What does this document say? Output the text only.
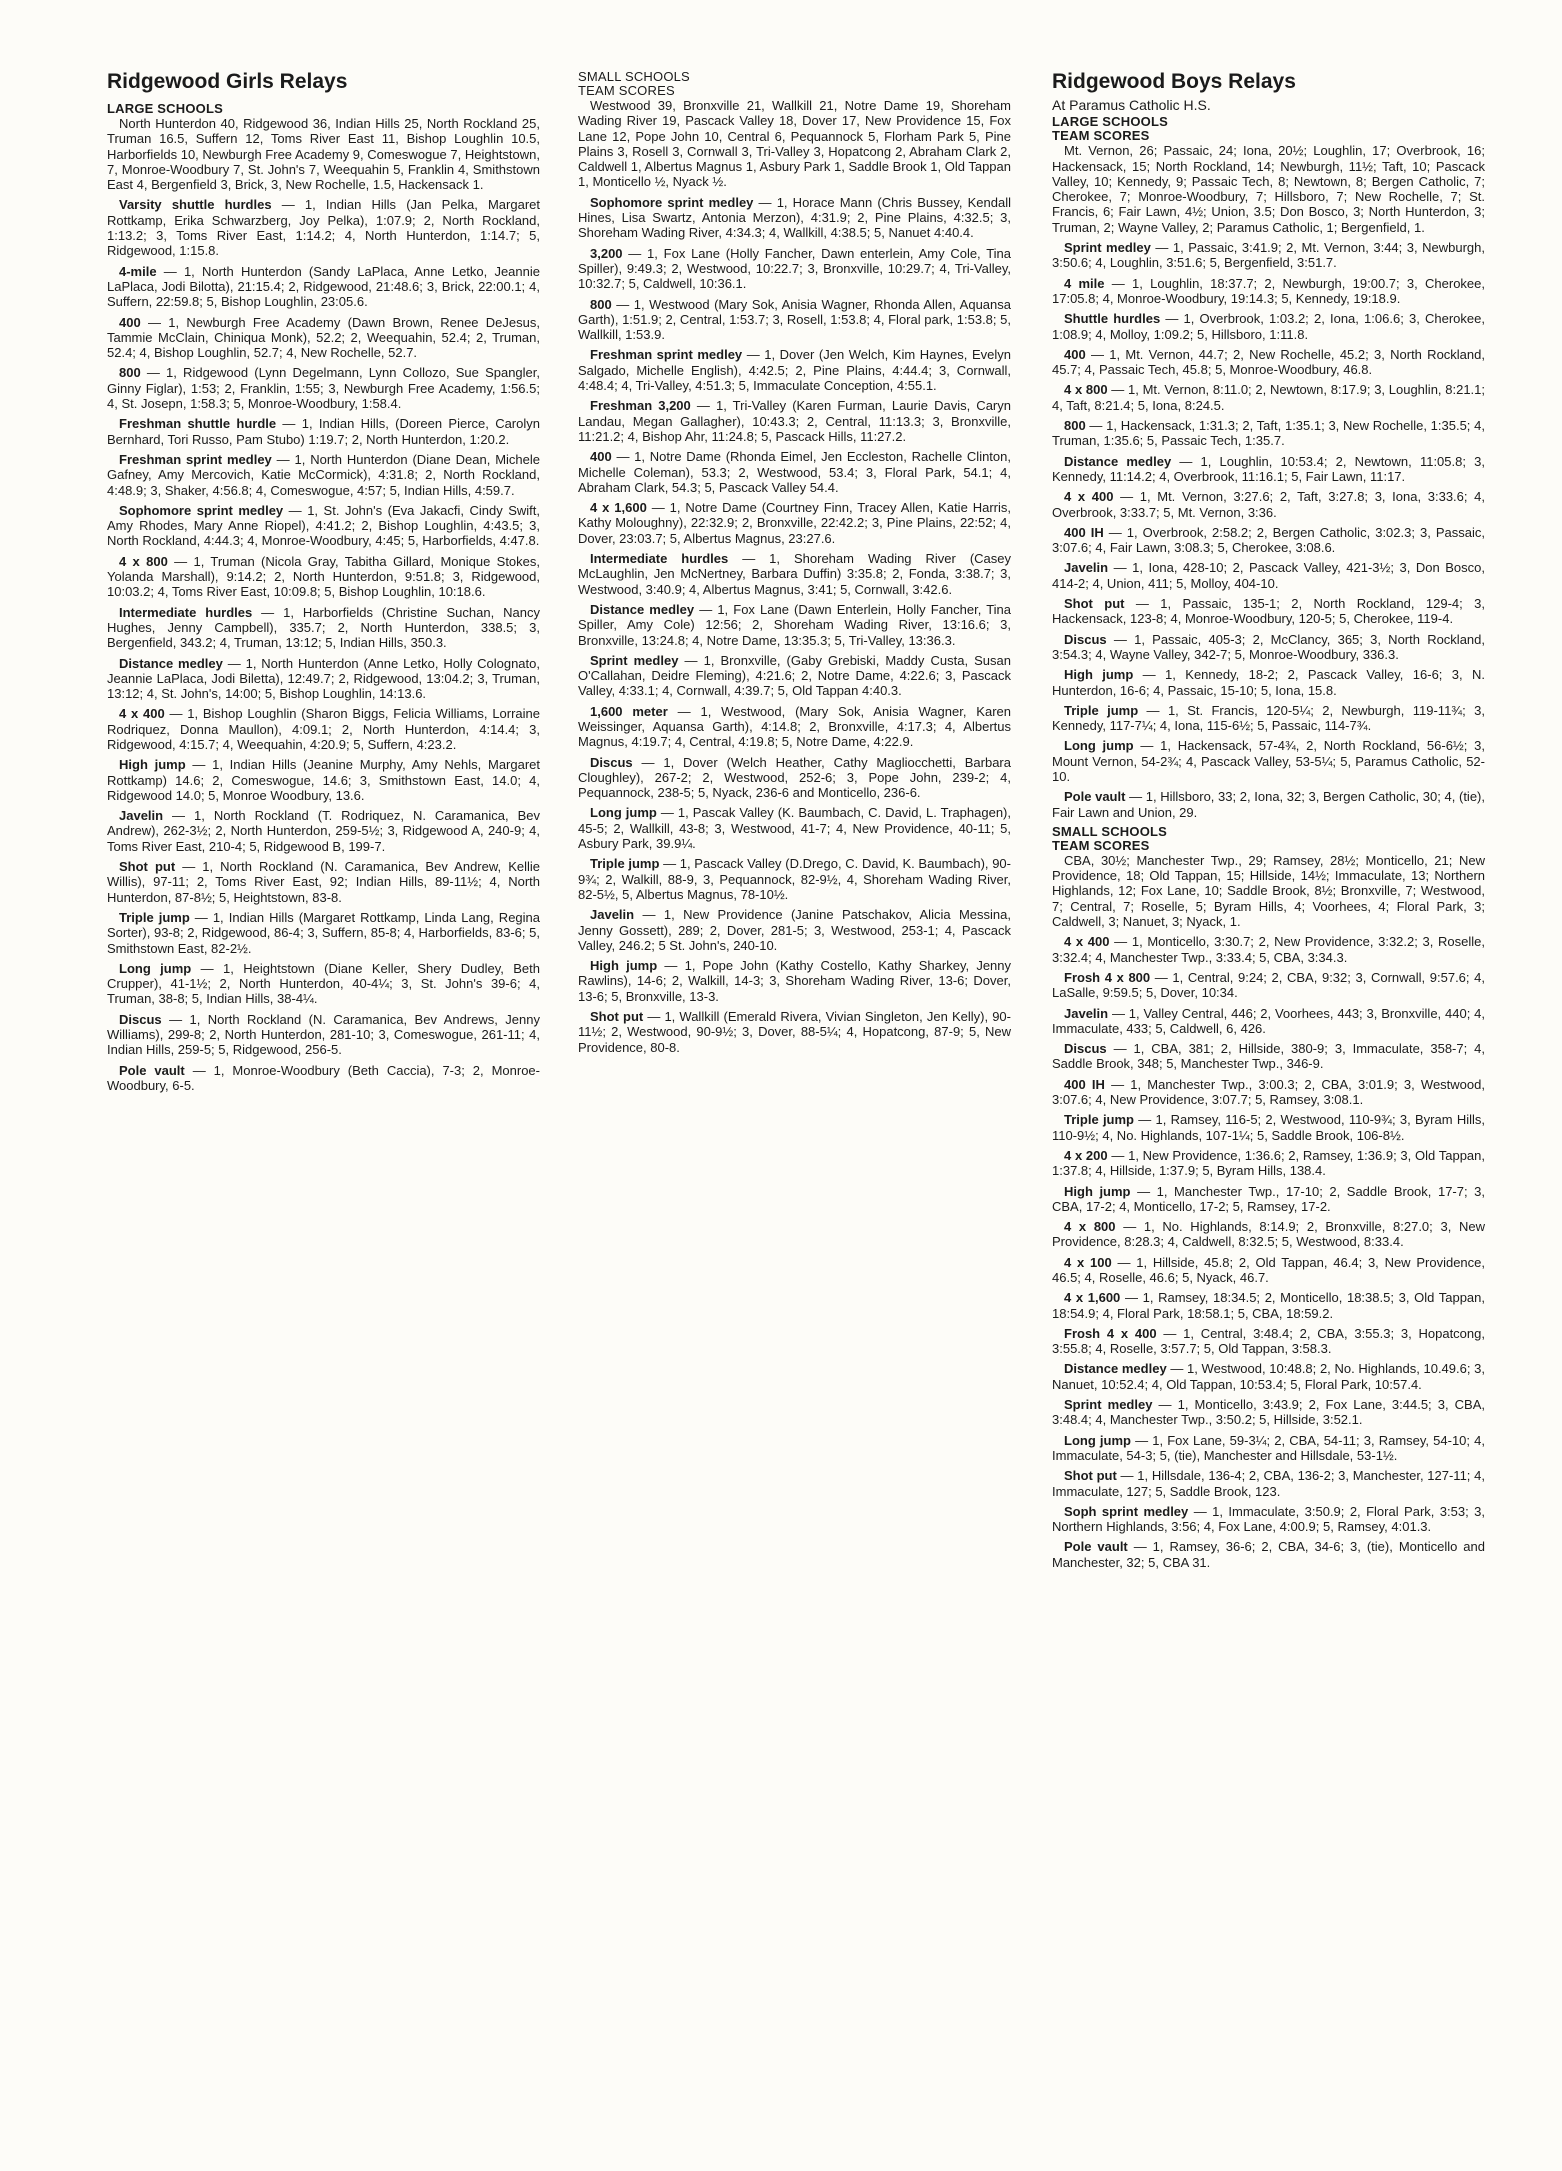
Ridgewood Girls Relays
LARGE SCHOOLS

North Hunterdon 40, Ridgewood 36, Indian Hills 25, North Rockland 25, Truman 16.5, Suffern 12, Toms River East 11, Bishop Loughlin 10.5, Harborfields 10, Newburgh Free Academy 9, Comeswogue 7, Heightstown, 7, Monroe-Woodbury 7, St. John's 7, Weequahin 5, Franklin 4, Smithstown East 4, Bergenfield 3, Brick, 3, New Rochelle, 1.5, Hackensack 1.

Varsity shuttle hurdles — 1, Indian Hills (Jan Pelka, Margaret Rottkamp, Erika Schwarzberg, Joy Pelka), 1:07.9; 2, North Rockland, 1:13.2; 3, Toms River East, 1:14.2; 4, North Hunterdon, 1:14.7; 5, Ridgewood, 1:15.8.

4-mile — 1, North Hunterdon (Sandy LaPlaca, Anne Letko, Jeannie LaPlaca, Jodi Bilotta), 21:15.4; 2, Ridgewood, 21:48.6; 3, Brick, 22:00.1; 4, Suffern, 22:59.8; 5, Bishop Loughlin, 23:05.6.

400 — 1, Newburgh Free Academy (Dawn Brown, Renee DeJesus, Tammie McClain, Chiniqua Monk), 52.2; 2, Weequahin, 52.4; 2, Truman, 52.4; 4, Bishop Loughlin, 52.7; 4, New Rochelle, 52.7.

800 — 1, Ridgewood (Lynn Degelmann, Lynn Collozo, Sue Spangler, Ginny Figlar), 1:53; 2, Franklin, 1:55; 3, Newburgh Free Academy, 1:56.5; 4, St. Josepn, 1:58.3; 5, Monroe-Woodbury, 1:58.4.

Freshman shuttle hurdle — 1, Indian Hills, (Doreen Pierce, Carolyn Bernhard, Tori Russo, Pam Stubo) 1:19.7; 2, North Hunterdon, 1:20.2.

Freshman sprint medley — 1, North Hunterdon (Diane Dean, Michele Gafney, Amy Mercovich, Katie McCormick), 4:31.8; 2, North Rockland, 4:48.9; 3, Shaker, 4:56.8; 4, Comeswogue, 4:57; 5, Indian Hills, 4:59.7.

Sophomore sprint medley — 1, St. John's (Eva Jakacfi, Cindy Swift, Amy Rhodes, Mary Anne Riopel), 4:41.2; 2, Bishop Loughlin, 4:43.5; 3, North Rockland, 4:44.3; 4, Monroe-Woodbury, 4:45; 5, Harborfields, 4:47.8.

4 x 800 — 1, Truman (Nicola Gray, Tabitha Gillard, Monique Stokes, Yolanda Marshall), 9:14.2; 2, North Hunterdon, 9:51.8; 3, Ridgewood, 10:03.2; 4, Toms River East, 10:09.8; 5, Bishop Loughlin, 10:18.6.

Intermediate hurdles — 1, Harborfields (Christine Suchan, Nancy Hughes, Jenny Campbell), 335.7; 2, North Hunterdon, 338.5; 3, Bergenfield, 343.2; 4, Truman, 13:12; 5, Indian Hills, 350.3.

Distance medley — 1, North Hunterdon (Anne Letko, Holly Colognato, Jeannie LaPlaca, Jodi Biletta), 12:49.7; 2, Ridgewood, 13:04.2; 3, Truman, 13:12; 4, St. John's, 14:00; 5, Bishop Loughlin, 14:13.6.

4 x 400 — 1, Bishop Loughlin (Sharon Biggs, Felicia Williams, Lorraine Rodriquez, Donna Maullon), 4:09.1; 2, North Hunterdon, 4:14.4; 3, Ridgewood, 4:15.7; 4, Weequahin, 4:20.9; 5, Suffern, 4:23.2.

High jump — 1, Indian Hills (Jeanine Murphy, Amy Nehls, Margaret Rottkamp) 14.6; 2, Comeswogue, 14.6; 3, Smithstown East, 14.0; 4, Ridgewood 14.0; 5, Monroe Woodbury, 13.6.

Javelin — 1, North Rockland (T. Rodriquez, N. Caramanica, Bev Andrew), 262-3½; 2, North Hunterdon, 259-5½; 3, Ridgewood A, 240-9; 4, Toms River East, 210-4; 5, Ridgewood B, 199-7.

Shot put — 1, North Rockland (N. Caramanica, Bev Andrew, Kellie Willis), 97-11; 2, Toms River East, 92; Indian Hills, 89-11½; 4, North Hunterdon, 87-8½; 5, Heightstown, 83-8.

Triple jump — 1, Indian Hills (Margaret Rottkamp, Linda Lang, Regina Sorter), 93-8; 2, Ridgewood, 86-4; 3, Suffern, 85-8; 4, Harborfields, 83-6; 5, Smithstown East, 82-2½.

Long jump — 1, Heightstown (Diane Keller, Shery Dudley, Beth Crupper), 41-1½; 2, North Hunterdon, 40-4¼; 3, St. John's 39-6; 4, Truman, 38-8; 5, Indian Hills, 38-4¼.

Discus — 1, North Rockland (N. Caramanica, Bev Andrews, Jenny Williams), 299-8; 2, North Hunterdon, 281-10; 3, Comeswogue, 261-11; 4, Indian Hills, 259-5; 5, Ridgewood, 256-5.

Pole vault — 1, Monroe-Woodbury (Beth Caccia), 7-3; 2, Monroe-Woodbury, 6-5.

SMALL SCHOOLS
TEAM SCORES

Westwood 39, Bronxville 21, Wallkill 21, Notre Dame 19, Shoreham Wading River 19, Pascack Valley 18, Dover 17, New Providence 15, Fox Lane 12, Pope John 10, Central 6, Pequannock 5, Florham Park 5, Pine Plains 3, Rosell 3, Cornwall 3, Tri-Valley 3, Hopatcong 2, Abraham Clark 2, Caldwell 1, Albertus Magnus 1, Asbury Park 1, Saddle Brook 1, Old Tappan 1, Monticello ½, Nyack ½.

Sophomore sprint medley — 1, Horace Mann (Chris Bussey, Kendall Hines, Lisa Swartz, Antonia Merzon), 4:31.9; 2, Pine Plains, 4:32.5; 3, Shoreham Wading River, 4:34.3; 4, Wallkill, 4:38.5; 5, Nanuet 4:40.4.

3,200 — 1, Fox Lane (Holly Fancher, Dawn enterlein, Amy Cole, Tina Spiller), 9:49.3; 2, Westwood, 10:22.7; 3, Bronxville, 10:29.7; 4, Tri-Valley, 10:32.7; 5, Caldwell, 10:36.1.

800 — 1, Westwood (Mary Sok, Anisia Wagner, Rhonda Allen, Aquansa Garth), 1:51.9; 2, Central, 1:53.7; 3, Rosell, 1:53.8; 4, Floral park, 1:53.8; 5, Wallkill, 1:53.9.

Freshman sprint medley — 1, Dover (Jen Welch, Kim Haynes, Evelyn Salgado, Michelle English), 4:42.5; 2, Pine Plains, 4:44.4; 3, Cornwall, 4:48.4; 4, Tri-Valley, 4:51.3; 5, Immaculate Conception, 4:55.1.

Freshman 3,200 — 1, Tri-Valley (Karen Furman, Laurie Davis, Caryn Landau, Megan Gallagher), 10:43.3; 2, Central, 11:13.3; 3, Bronxville, 11:21.2; 4, Bishop Ahr, 11:24.8; 5, Pascack Hills, 11:27.2.

400 — 1, Notre Dame (Rhonda Eimel, Jen Eccleston, Rachelle Clinton, Michelle Coleman), 53.3; 2, Westwood, 53.4; 3, Floral Park, 54.1; 4, Abraham Clark, 54.3; 5, Pascack Valley 54.4.

4 x 1,600 — 1, Notre Dame (Courtney Finn, Tracey Allen, Katie Harris, Kathy Moloughny), 22:32.9; 2, Bronxville, 22:42.2; 3, Pine Plains, 22:52; 4, Dover, 23:03.7; 5, Albertus Magnus, 23:27.6.

Intermediate hurdles — 1, Shoreham Wading River (Casey McLaughlin, Jen McNertney, Barbara Duffin) 3:35.8; 2, Fonda, 3:38.7; 3, Westwood, 3:40.9; 4, Albertus Magnus, 3:41; 5, Cornwall, 3:42.6.

Distance medley — 1, Fox Lane (Dawn Enterlein, Holly Fancher, Tina Spiller, Amy Cole) 12:56; 2, Shoreham Wading River, 13:16.6; 3, Bronxville, 13:24.8; 4, Notre Dame, 13:35.3; 5, Tri-Valley, 13:36.3.

Sprint medley — 1, Bronxville, (Gaby Grebiski, Maddy Custa, Susan O'Callahan, Deidre Fleming), 4:21.6; 2, Notre Dame, 4:22.6; 3, Pascack Valley, 4:33.1; 4, Cornwall, 4:39.7; 5, Old Tappan 4:40.3.

1,600 meter — 1, Westwood, (Mary Sok, Anisia Wagner, Karen Weissinger, Aquansa Garth), 4:14.8; 2, Bronxville, 4:17.3; 4, Albertus Magnus, 4:19.7; 4, Central, 4:19.8; 5, Notre Dame, 4:22.9.

Discus — 1, Dover (Welch Heather, Cathy Magliocchetti, Barbara Cloughley), 267-2; 2, Westwood, 252-6; 3, Pope John, 239-2; 4, Pequannock, 238-5; 5, Nyack, 236-6 and Monticello, 236-6.

Long jump — 1, Pascak Valley (K. Baumbach, C. David, L. Traphagen), 45-5; 2, Wallkill, 43-8; 3, Westwood, 41-7; 4, New Providence, 40-11; 5, Asbury Park, 39.9¼.

Triple jump — 1, Pascack Valley (D.Drego, C. David, K. Baumbach), 90-9¾; 2, Walkill, 88-9, 3, Pequannock, 82-9½, 4, Shoreham Wading River, 82-5½, 5, Albertus Magnus, 78-10½.

Javelin — 1, New Providence (Janine Patschakov, Alicia Messina, Jenny Gossett), 289; 2, Dover, 281-5; 3, Westwood, 253-1; 4, Pascack Valley, 246.2; 5 St. John's, 240-10.

High jump — 1, Pope John (Kathy Costello, Kathy Sharkey, Jenny Rawlins), 14-6; 2, Walkill, 14-3; 3, Shoreham Wading River, 13-6; Dover, 13-6; 5, Bronxville, 13-3.

Shot put — 1, Wallkill (Emerald Rivera, Vivian Singleton, Jen Kelly), 90-11½; 2, Westwood, 90-9½; 3, Dover, 88-5¼; 4, Hopatcong, 87-9; 5, New Providence, 80-8.

Ridgewood Boys Relays
At Paramus Catholic H.S.
LARGE SCHOOLS
TEAM SCORES

Mt. Vernon, 26; Passaic, 24; Iona, 20½; Loughlin, 17; Overbrook, 16; Hackensack, 15; North Rockland, 14; Newburgh, 11½; Taft, 10; Pascack Valley, 10; Kennedy, 9; Passaic Tech, 8; Newtown, 8; Bergen Catholic, 7; Cherokee, 7; Monroe-Woodbury, 7; Hillsboro, 7; New Rochelle, 7; St. Francis, 6; Fair Lawn, 4½; Union, 3.5; Don Bosco, 3; North Hunterdon, 3; Truman, 2; Wayne Valley, 2; Paramus Catholic, 1; Bergenfield, 1.

Sprint medley — 1, Passaic, 3:41.9; 2, Mt. Vernon, 3:44; 3, Newburgh, 3:50.6; 4, Loughlin, 3:51.6; 5, Bergenfield, 3:51.7.

4 mile — 1, Loughlin, 18:37.7; 2, Newburgh, 19:00.7; 3, Cherokee, 17:05.8; 4, Monroe-Woodbury, 19:14.3; 5, Kennedy, 19:18.9.

Shuttle hurdles — 1, Overbrook, 1:03.2; 2, Iona, 1:06.6; 3, Cherokee, 1:08.9; 4, Molloy, 1:09.2; 5, Hillsboro, 1:11.8.

400 — 1, Mt. Vernon, 44.7; 2, New Rochelle, 45.2; 3, North Rockland, 45.7; 4, Passaic Tech, 45.8; 5, Monroe-Woodbury, 46.8.

4 x 800 — 1, Mt. Vernon, 8:11.0; 2, Newtown, 8:17.9; 3, Loughlin, 8:21.1; 4, Taft, 8:21.4; 5, Iona, 8:24.5.

800 — 1, Hackensack, 1:31.3; 2, Taft, 1:35.1; 3, New Rochelle, 1:35.5; 4, Truman, 1:35.6; 5, Passaic Tech, 1:35.7.

Distance medley — 1, Loughlin, 10:53.4; 2, Newtown, 11:05.8; 3, Kennedy, 11:14.2; 4, Overbrook, 11:16.1; 5, Fair Lawn, 11:17.

4 x 400 — 1, Mt. Vernon, 3:27.6; 2, Taft, 3:27.8; 3, Iona, 3:33.6; 4, Overbrook, 3:33.7; 5, Mt. Vernon, 3:36.

400 IH — 1, Overbrook, 2:58.2; 2, Bergen Catholic, 3:02.3; 3, Passaic, 3:07.6; 4, Fair Lawn, 3:08.3; 5, Cherokee, 3:08.6.

Javelin — 1, Iona, 428-10; 2, Pascack Valley, 421-3½; 3, Don Bosco, 414-2; 4, Union, 411; 5, Molloy, 404-10.

Shot put — 1, Passaic, 135-1; 2, North Rockland, 129-4; 3, Hackensack, 123-8; 4, Monroe-Woodbury, 120-5; 5, Cherokee, 119-4.

Discus — 1, Passaic, 405-3; 2, McClancy, 365; 3, North Rockland, 3:54.3; 4, Wayne Valley, 342-7; 5, Monroe-Woodbury, 336.3.

High jump — 1, Kennedy, 18-2; 2, Pascack Valley, 16-6; 3, N. Hunterdon, 16-6; 4, Passaic, 15-10; 5, Iona, 15.8.

Triple jump — 1, St. Francis, 120-5¼; 2, Newburgh, 119-11¾; 3, Kennedy, 117-7¼; 4, Iona, 115-6½; 5, Passaic, 114-7¾.

Long jump — 1, Hackensack, 57-4¾, 2, North Rockland, 56-6½; 3, Mount Vernon, 54-2¾; 4, Pascack Valley, 53-5¼; 5, Paramus Catholic, 52-10.

Pole vault — 1, Hillsboro, 33; 2, Iona, 32; 3, Bergen Catholic, 30; 4, (tie), Fair Lawn and Union, 29.

SMALL SCHOOLS
TEAM SCORES

CBA, 30½; Manchester Twp., 29; Ramsey, 28½; Monticello, 21; New Providence, 18; Old Tappan, 15; Hillside, 14½; Immaculate, 13; Northern Highlands, 12; Fox Lane, 10; Saddle Brook, 8½; Bronxville, 7; Westwood, 7; Central, 7; Roselle, 5; Byram Hills, 4; Voorhees, 4; Floral Park, 3; Caldwell, 3; Nanuet, 3; Nyack, 1.

4 x 400 — 1, Monticello, 3:30.7; 2, New Providence, 3:32.2; 3, Roselle, 3:32.4; 4, Manchester Twp., 3:33.4; 5, CBA, 3:34.3.

Frosh 4 x 800 — 1, Central, 9:24; 2, CBA, 9:32; 3, Cornwall, 9:57.6; 4, LaSalle, 9:59.5; 5, Dover, 10:34.

Javelin — 1, Valley Central, 446; 2, Voorhees, 443; 3, Bronxville, 440; 4, Immaculate, 433; 5, Caldwell, 6, 426.

Discus — 1, CBA, 381; 2, Hillside, 380-9; 3, Immaculate, 358-7; 4, Saddle Brook, 348; 5, Manchester Twp., 346-9.

400 IH — 1, Manchester Twp., 3:00.3; 2, CBA, 3:01.9; 3, Westwood, 3:07.6; 4, New Providence, 3:07.7; 5, Ramsey, 3:08.1.

Triple jump — 1, Ramsey, 116-5; 2, Westwood, 110-9¾; 3, Byram Hills, 110-9½; 4, No. Highlands, 107-1¼; 5, Saddle Brook, 106-8½.

4 x 200 — 1, New Providence, 1:36.6; 2, Ramsey, 1:36.9; 3, Old Tappan, 1:37.8; 4, Hillside, 1:37.9; 5, Byram Hills, 138.4.

High jump — 1, Manchester Twp., 17-10; 2, Saddle Brook, 17-7; 3, CBA, 17-2; 4, Monticello, 17-2; 5, Ramsey, 17-2.

4 x 800 — 1, No. Highlands, 8:14.9; 2, Bronxville, 8:27.0; 3, New Providence, 8:28.3; 4, Caldwell, 8:32.5; 5, Westwood, 8:33.4.

4 x 100 — 1, Hillside, 45.8; 2, Old Tappan, 46.4; 3, New Providence, 46.5; 4, Roselle, 46.6; 5, Nyack, 46.7.

4 x 1,600 — 1, Ramsey, 18:34.5; 2, Monticello, 18:38.5; 3, Old Tappan, 18:54.9; 4, Floral Park, 18:58.1; 5, CBA, 18:59.2.

Frosh 4 x 400 — 1, Central, 3:48.4; 2, CBA, 3:55.3; 3, Hopatcong, 3:55.8; 4, Roselle, 3:57.7; 5, Old Tappan, 3:58.3.

Distance medley — 1, Westwood, 10:48.8; 2, No. Highlands, 10.49.6; 3, Nanuet, 10:52.4; 4, Old Tappan, 10:53.4; 5, Floral Park, 10:57.4.

Sprint medley — 1, Monticello, 3:43.9; 2, Fox Lane, 3:44.5; 3, CBA, 3:48.4; 4, Manchester Twp., 3:50.2; 5, Hillside, 3:52.1.

Long jump — 1, Fox Lane, 59-3¼; 2, CBA, 54-11; 3, Ramsey, 54-10; 4, Immaculate, 54-3; 5, (tie), Manchester and Hillsdale, 53-1½.

Shot put — 1, Hillsdale, 136-4; 2, CBA, 136-2; 3, Manchester, 127-11; 4, Immaculate, 127; 5, Saddle Brook, 123.

Soph sprint medley — 1, Immaculate, 3:50.9; 2, Floral Park, 3:53; 3, Northern Highlands, 3:56; 4, Fox Lane, 4:00.9; 5, Ramsey, 4:01.3.

Pole vault — 1, Ramsey, 36-6; 2, CBA, 34-6; 3, (tie), Monticello and Manchester, 32; 5, CBA 31.
